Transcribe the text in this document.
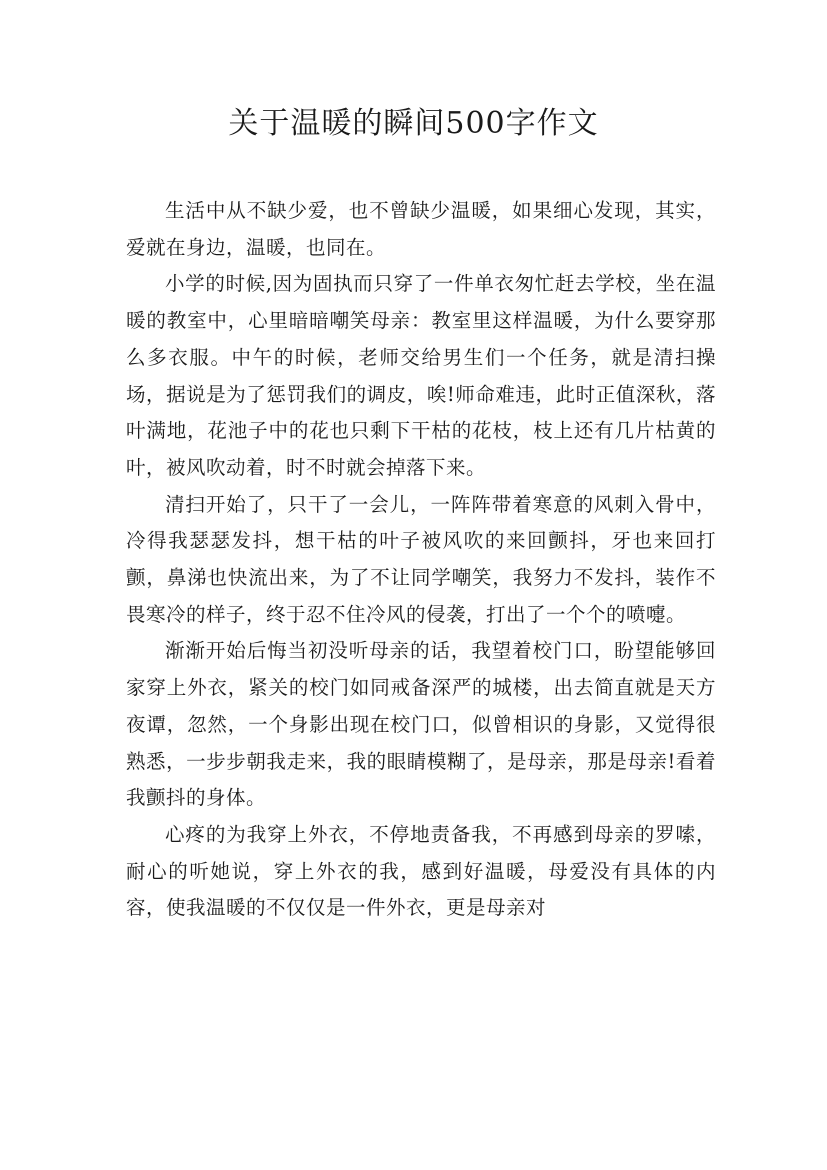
关于温暖的瞬间500字作文

生活中从不缺少爱，也不曾缺少温暖，如果细心发现，其实，爱就在身边，温暖，也同在。

小学的时候,因为固执而只穿了一件单衣匆忙赶去学校，坐在温暖的教室中，心里暗暗嘲笑母亲：教室里这样温暖，为什么要穿那么多衣服。中午的时候，老师交给男生们一个任务，就是清扫操场，据说是为了惩罚我们的调皮，唉!师命难违，此时正值深秋，落叶满地，花池子中的花也只剩下干枯的花枝，枝上还有几片枯黄的叶，被风吹动着，时不时就会掉落下来。

清扫开始了，只干了一会儿，一阵阵带着寒意的风刺入骨中，冷得我瑟瑟发抖，想干枯的叶子被风吹的来回颤抖，牙也来回打颤，鼻涕也快流出来，为了不让同学嘲笑，我努力不发抖，装作不畏寒冷的样子，终于忍不住冷风的侵袭，打出了一个个的喷嚏。

渐渐开始后悔当初没听母亲的话，我望着校门口，盼望能够回家穿上外衣，紧关的校门如同戒备深严的城楼，出去简直就是天方夜谭，忽然，一个身影出现在校门口，似曾相识的身影，又觉得很熟悉，一步步朝我走来，我的眼睛模糊了，是母亲，那是母亲!看着我颤抖的身体。

心疼的为我穿上外衣，不停地责备我，不再感到母亲的罗嗦，耐心的听她说，穿上外衣的我，感到好温暖，母爱没有具体的内容，使我温暖的不仅仅是一件外衣，更是母亲对
